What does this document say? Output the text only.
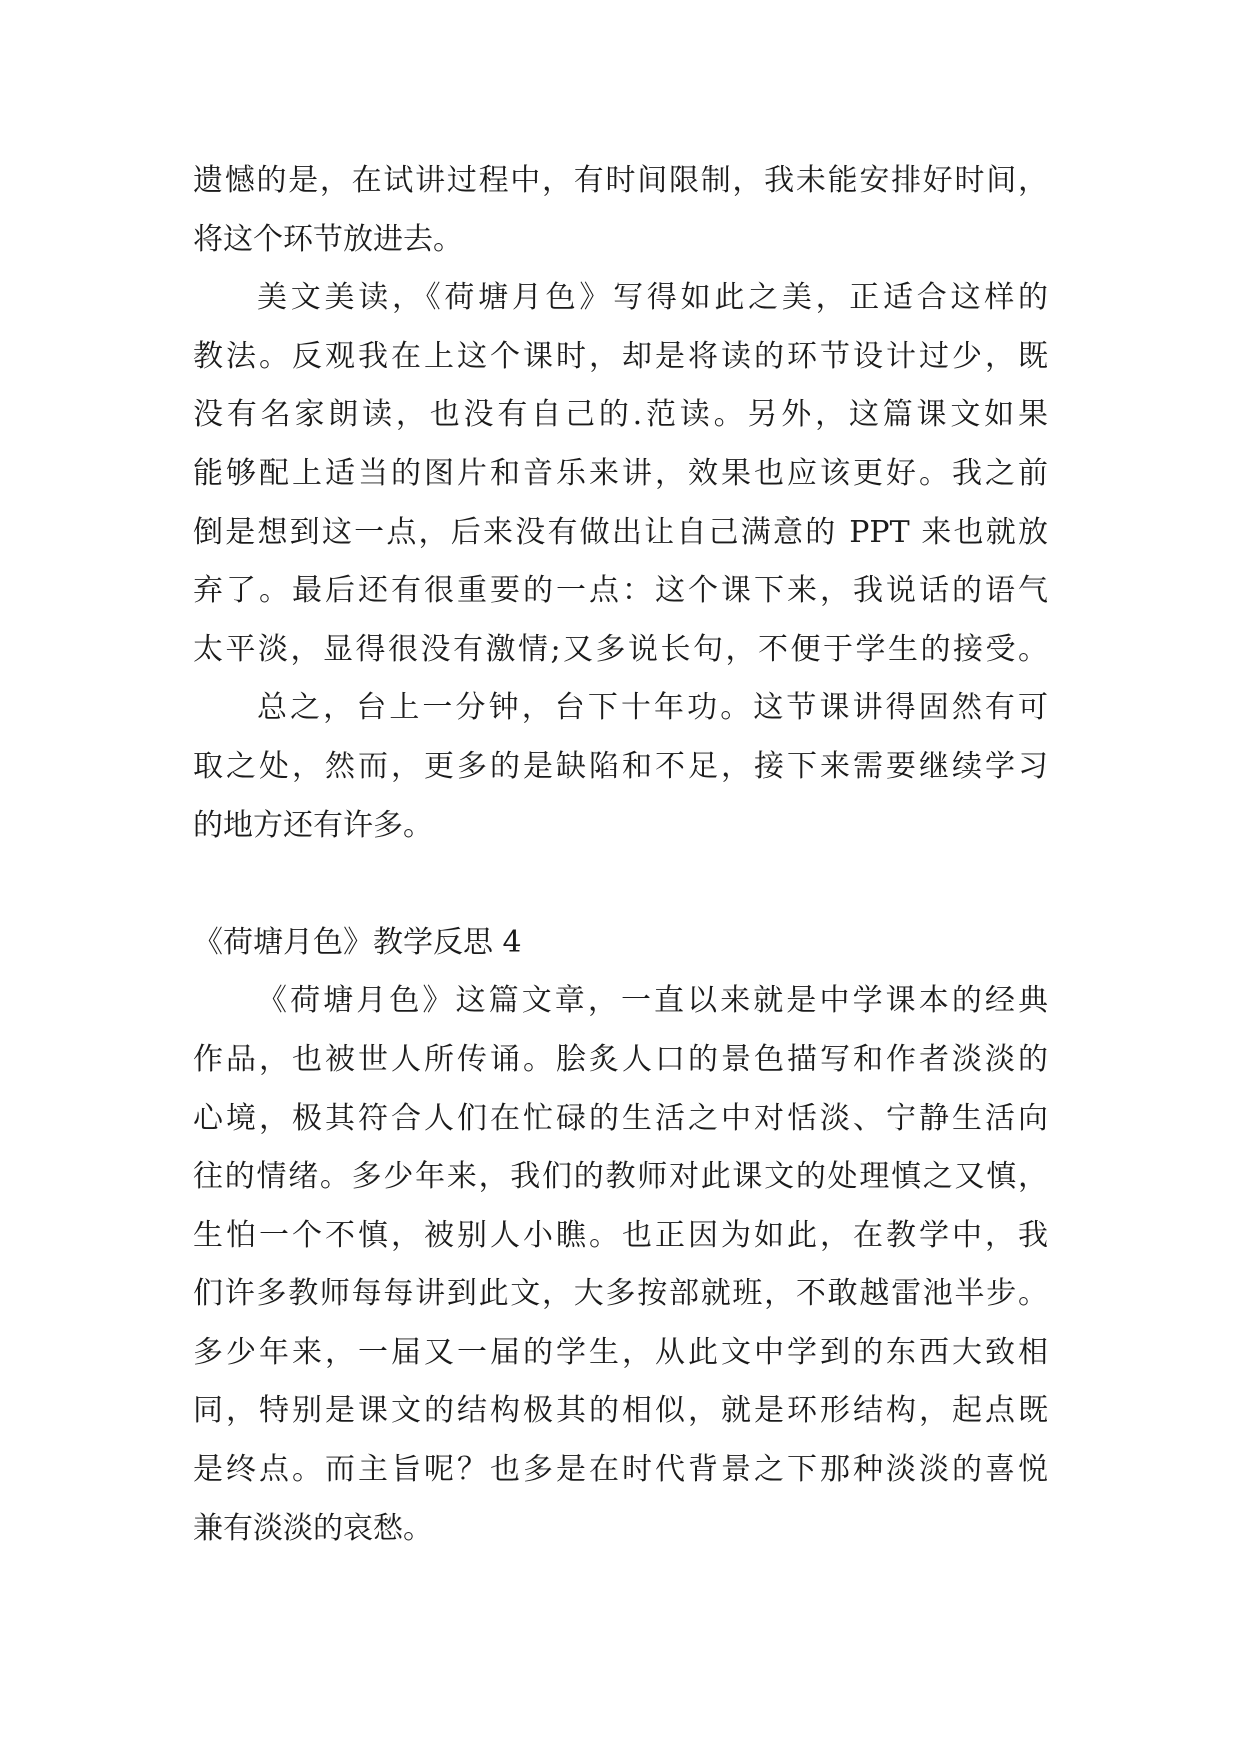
遗憾的是，在试讲过程中，有时间限制，我未能安排好时间，
将这个环节放进去。
美文美读，《荷塘月色》写得如此之美，正适合这样的
教法。反观我在上这个课时，却是将读的环节设计过少，既
没有名家朗读，也没有自己的.范读。另外，这篇课文如果
能够配上适当的图片和音乐来讲，效果也应该更好。我之前
倒是想到这一点，后来没有做出让自己满意的 PPT 来也就放
弃了。最后还有很重要的一点：这个课下来，我说话的语气
太平淡，显得很没有激情;又多说长句，不便于学生的接受。
总之，台上一分钟，台下十年功。这节课讲得固然有可
取之处，然而，更多的是缺陷和不足，接下来需要继续学习
的地方还有许多。
《荷塘月色》教学反思 4
《荷塘月色》这篇文章，一直以来就是中学课本的经典
作品，也被世人所传诵。脍炙人口的景色描写和作者淡淡的
心境，极其符合人们在忙碌的生活之中对恬淡、宁静生活向
往的情绪。多少年来，我们的教师对此课文的处理慎之又慎，
生怕一个不慎，被别人小瞧。也正因为如此，在教学中，我
们许多教师每每讲到此文，大多按部就班，不敢越雷池半步。
多少年来，一届又一届的学生，从此文中学到的东西大致相
同，特别是课文的结构极其的相似，就是环形结构，起点既
是终点。而主旨呢？也多是在时代背景之下那种淡淡的喜悦
兼有淡淡的哀愁。
